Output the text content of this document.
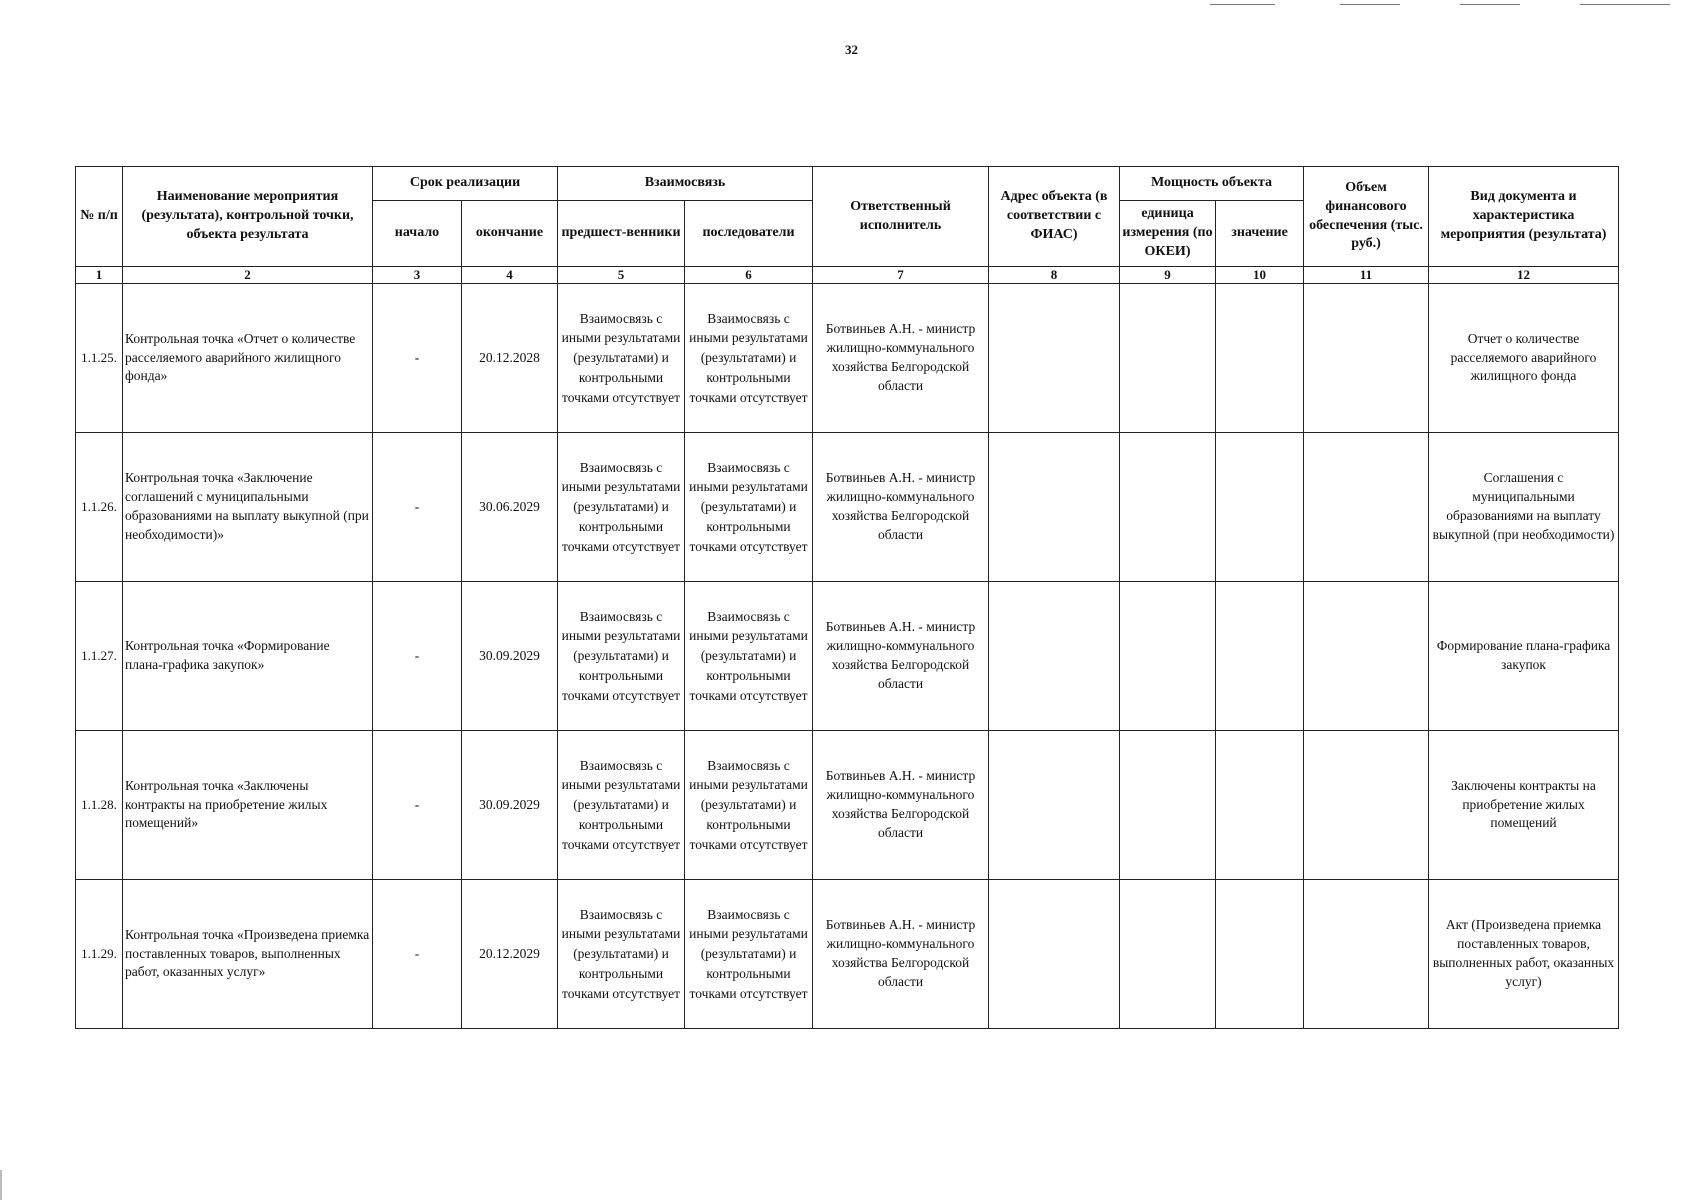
32
№ п/п	Наименование мероприятия (результата), контрольной точки, объекта результата	Срок реализации		Взаимосвязь		Ответственный исполнитель	Адрес объекта (в соответствии с ФИАС)	Мощность объекта		Объем финансового обеспечения (тыс. руб.)	Вид документа и характеристика мероприятия (результата)
		начало	окончание	предшест-венники	последователи			единица измерения (по ОКЕИ)	значение		
1	2	3	4	5	6	7	8	9	10	11	12
1.1.25.	Контрольная точка «Отчет о количестве расселяемого аварийного жилищного фонда»	-	20.12.2028	Взаимосвязь с иными результатами (результатами) и контрольными точками отсутствует	Взаимосвязь с иными результатами (результатами) и контрольными точками отсутствует	Ботвиньев А.Н. - министр жилищно-коммунального хозяйства Белгородской области					Отчет о количестве расселяемого аварийного жилищного фонда
1.1.26.	Контрольная точка «Заключение соглашений с муниципальными образованиями на выплату выкупной (при необходимости)»	-	30.06.2029	Взаимосвязь с иными результатами (результатами) и контрольными точками отсутствует	Взаимосвязь с иными результатами (результатами) и контрольными точками отсутствует	Ботвиньев А.Н. - министр жилищно-коммунального хозяйства Белгородской области					Соглашения с муниципальными образованиями на выплату выкупной (при необходимости)
1.1.27.	Контрольная точка «Формирование плана-графика закупок»	-	30.09.2029	Взаимосвязь с иными результатами (результатами) и контрольными точками отсутствует	Взаимосвязь с иными результатами (результатами) и контрольными точками отсутствует	Ботвиньев А.Н. - министр жилищно-коммунального хозяйства Белгородской области					Формирование плана-графика закупок
1.1.28.	Контрольная точка «Заключены контракты на приобретение жилых помещений»	-	30.09.2029	Взаимосвязь с иными результатами (результатами) и контрольными точками отсутствует	Взаимосвязь с иными результатами (результатами) и контрольными точками отсутствует	Ботвиньев А.Н. - министр жилищно-коммунального хозяйства Белгородской области					Заключены контракты на приобретение жилых помещений
1.1.29.	Контрольная точка «Произведена приемка поставленных товаров, выполненных работ, оказанных услуг»	-	20.12.2029	Взаимосвязь с иными результатами (результатами) и контрольными точками отсутствует	Взаимосвязь с иными результатами (результатами) и контрольными точками отсутствует	Ботвиньев А.Н. - министр жилищно-коммунального хозяйства Белгородской области					Акт (Произведена приемка поставленных товаров, выполненных работ, оказанных услуг)
